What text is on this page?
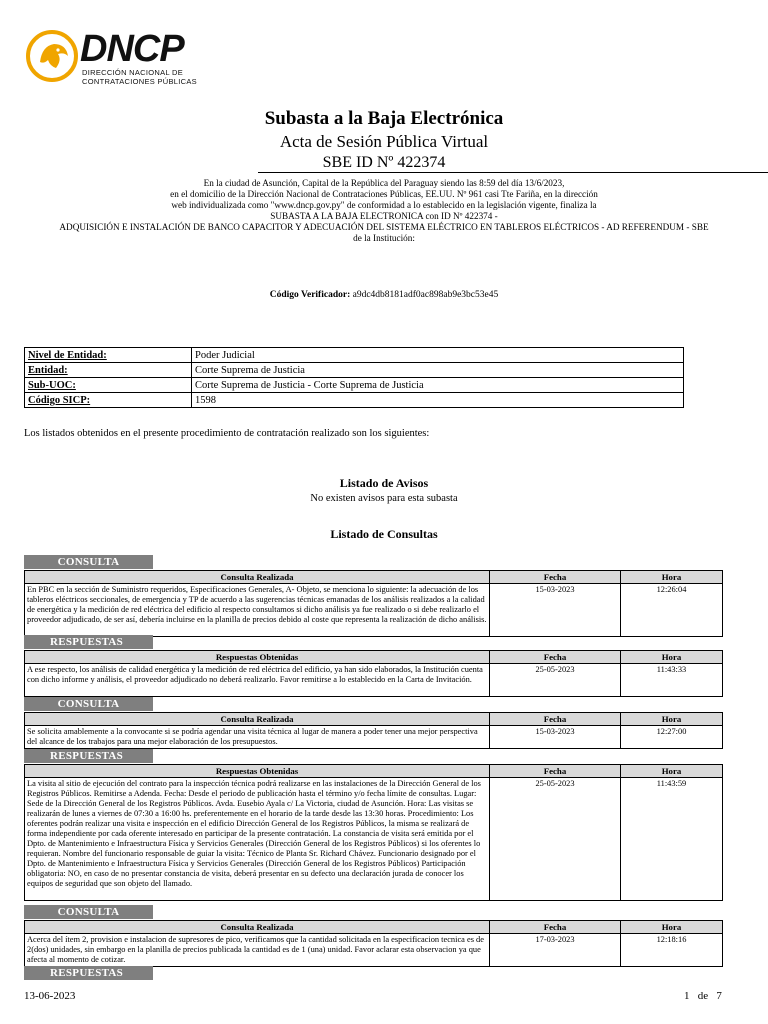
DNCP
DIRECCIÓN NACIONAL DE
CONTRATACIONES PÚBLICAS
Subasta a la Baja Electrónica
Acta de Sesión Pública Virtual
SBE ID Nº 422374
En la ciudad de Asunción, Capital de la República del Paraguay siendo las 8:59 del día 13/6/2023,
en el domicilio de la Dirección Nacional de Contrataciones Públicas, EE.UU. Nº 961 casi Tte Fariña, en la dirección
web individualizada como "www.dncp.gov.py" de conformidad a lo establecido en la legislación vigente, finaliza la
SUBASTA A LA BAJA ELECTRONICA con ID Nº 422374 -
ADQUISICIÓN E INSTALACIÓN DE BANCO CAPACITOR Y ADECUACIÓN DEL SISTEMA ELÉCTRICO EN TABLEROS ELÉCTRICOS - AD REFERENDUM - SBE
de la Institución:
Código Verificador: a9dc4db8181adf0ac898ab9e3bc53e45
Nivel de Entidad:	Poder Judicial
Entidad:	Corte Suprema de Justicia
Sub-UOC:	Corte Suprema de Justicia - Corte Suprema de Justicia
Código SICP:	1598
Los listados obtenidos en el presente procedimiento de contratación realizado son los siguientes:
Listado de Avisos
No existen avisos para esta subasta
Listado de Consultas
CONSULTA
Consulta Realizada	Fecha	Hora
En PBC en la sección de Suministro requeridos, Especificaciones Generales, A- Objeto, se menciona lo siguiente: la adecuación de los tableros eléctricos seccionales, de emergencia y TP de acuerdo a las sugerencias técnicas emanadas de los análisis realizados a la calidad de energética y la medición de red eléctrica del edificio al respecto consultamos si dicho análisis ya fue realizado o si debe realizarlo el proveedor adjudicado, de ser así, debería incluirse en la planilla de precios debido al coste que representa la realización de dicho análisis.	15-03-2023	12:26:04
RESPUESTAS
Respuestas Obtenidas	Fecha	Hora
A ese respecto, los análisis de calidad energética y la medición de red eléctrica del edificio, ya han sido elaborados, la Institución cuenta con dicho informe y análisis, el proveedor adjudicado no deberá realizarlo. Favor remitirse a lo establecido en la Carta de Invitación.	25-05-2023	11:43:33
CONSULTA
Consulta Realizada	Fecha	Hora
Se solicita amablemente a la convocante si se podría agendar una visita técnica al lugar de manera a poder tener una mejor perspectiva del alcance de los trabajos para una mejor elaboración de los presupuestos.	15-03-2023	12:27:00
RESPUESTAS
Respuestas Obtenidas	Fecha	Hora
La visita al sitio de ejecución del contrato para la inspección técnica podrá realizarse en las instalaciones de la Dirección General de los Registros Públicos. Remitirse a Adenda. Fecha: Desde el periodo de publicación hasta el término y/o fecha límite de consultas. Lugar: Sede de la Dirección General de los Registros Públicos. Avda. Eusebio Ayala c/ La Victoria, ciudad de Asunción. Hora: Las visitas se realizarán de lunes a viernes de 07:30 a 16:00 hs. preferentemente en el horario de la tarde desde las 13:30 horas. Procedimiento: Los oferentes podrán realizar una visita e inspección en el edificio Dirección General de los Registros Públicos, la misma se realizará de forma independiente por cada oferente interesado en participar de la presente contratación. La constancia de visita será emitida por el Dpto. de Mantenimiento e Infraestructura Física y Servicios Generales (Dirección General de los Registros Públicos) si los oferentes lo requieran. Nombre del funcionario responsable de guiar la visita: Técnico de Planta Sr. Richard Chávez. Funcionario designado por el Dpto. de Mantenimiento e Infraestructura Física y Servicios Generales (Dirección General de los Registros Públicos) Participación obligatoria: NO, en caso de no presentar constancia de visita, deberá presentar en su defecto una declaración jurada de conocer los equipos de seguridad que son objeto del llamado.	25-05-2023	11:43:59
CONSULTA
Consulta Realizada	Fecha	Hora
Acerca del ítem 2, provision e instalacion de supresores de pico, verificamos que la cantidad solicitada en la especificacion tecnica es de 2(dos) unidades, sin embargo en la planilla de precios publicada la cantidad es de 1 (una) unidad. Favor aclarar esta observacion ya que afecta al momento de cotizar.	17-03-2023	12:18:16
RESPUESTAS
13-06-2023	1 de 7
